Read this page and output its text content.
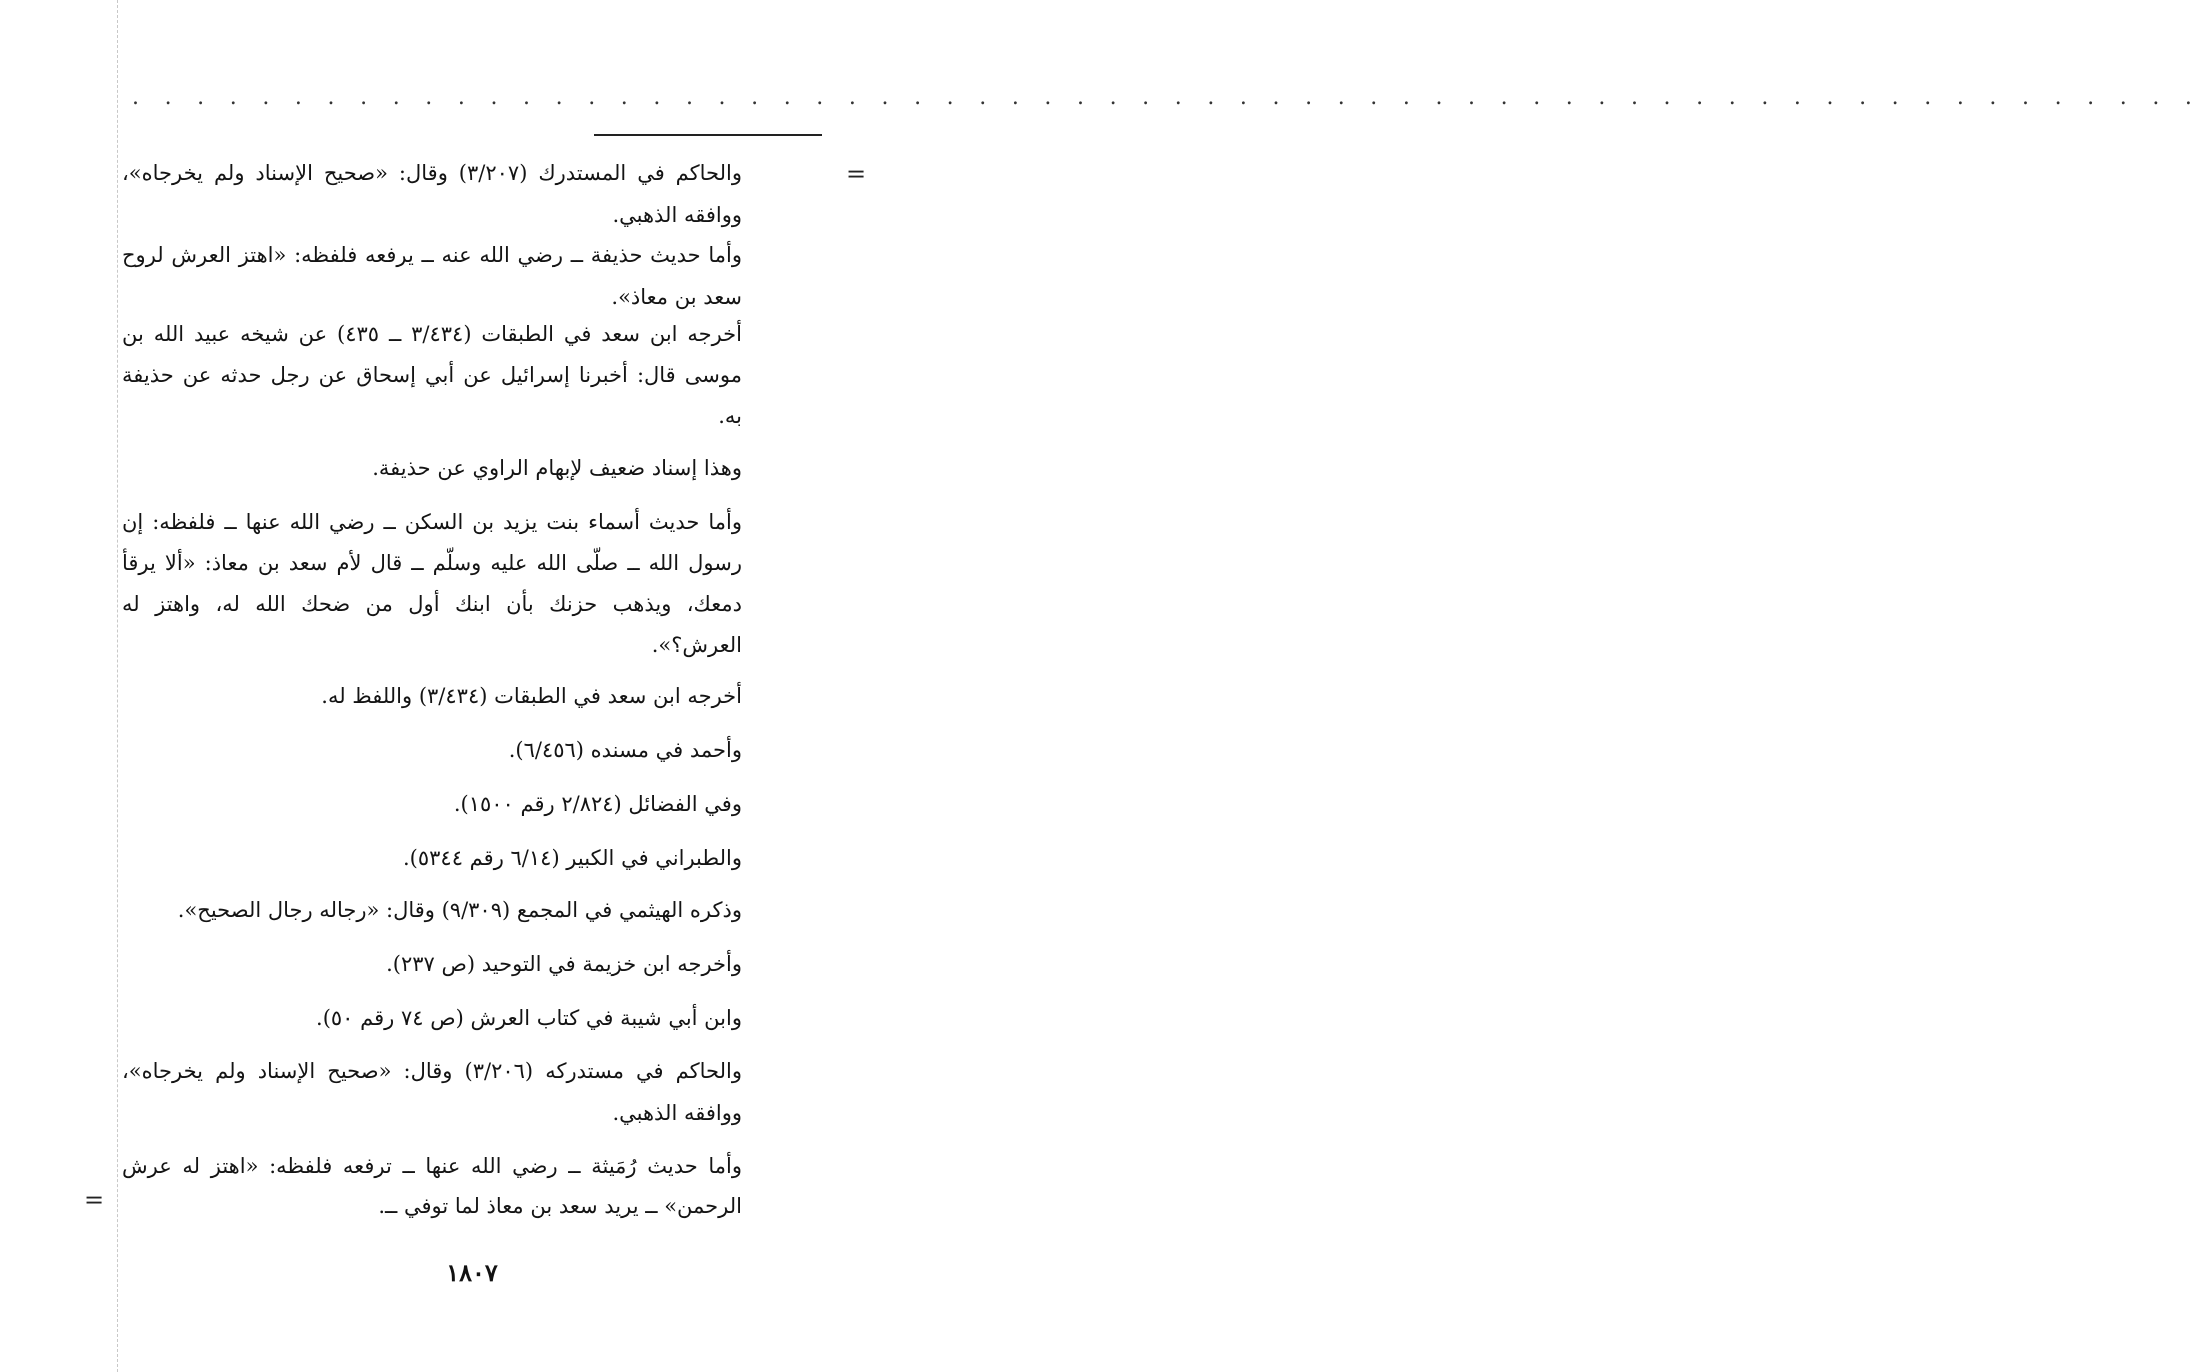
. . . . . . . . . . . . . . . . . . . . . . . . . . . . . . . . . . . . . . . . . . . . . . . . . . . . . . . . . . . . . . . .
=
=

والحاكم في المستدرك (٣/٢٠٧) وقال: «صحيح الإسناد ولم يخرجاه»، ووافقه الذهبي.

وأما حديث حذيفة ــ رضي الله عنه ــ يرفعه فلفظه: «اهتز العرش لروح سعد بن معاذ».

أخرجه ابن سعد في الطبقات (٣/٤٣٤ ــ ٤٣٥) عن شيخه عبيد الله بن موسى قال: أخبرنا إسرائيل عن أبي إسحاق عن رجل حدثه عن حذيفة به.

وهذا إسناد ضعيف لإبهام الراوي عن حذيفة.

وأما حديث أسماء بنت يزيد بن السكن ــ رضي الله عنها ــ فلفظه: إن رسول الله ــ صلّى الله عليه وسلّم ــ قال لأم سعد بن معاذ: «ألا يرقأ دمعك، ويذهب حزنك بأن ابنك أول من ضحك الله له، واهتز له العرش؟».

أخرجه ابن سعد في الطبقات (٣/٤٣٤) واللفظ له.

وأحمد في مسنده (٦/٤٥٦).

وفي الفضائل (٢/٨٢٤ رقم ١٥٠٠).

والطبراني في الكبير (٦/١٤ رقم ٥٣٤٤).

وذكره الهيثمي في المجمع (٩/٣٠٩) وقال: «رجاله رجال الصحيح».

وأخرجه ابن خزيمة في التوحيد (ص ٢٣٧).

وابن أبي شيبة في كتاب العرش (ص ٧٤ رقم ٥٠).

والحاكم في مستدركه (٣/٢٠٦) وقال: «صحيح الإسناد ولم يخرجاه»، ووافقه الذهبي.

وأما حديث رُمَيثة ــ رضي الله عنها ــ ترفعه فلفظه: «اهتز له عرش الرحمن» ــ يريد سعد بن معاذ لما توفي ــ.

١٨٠٧
